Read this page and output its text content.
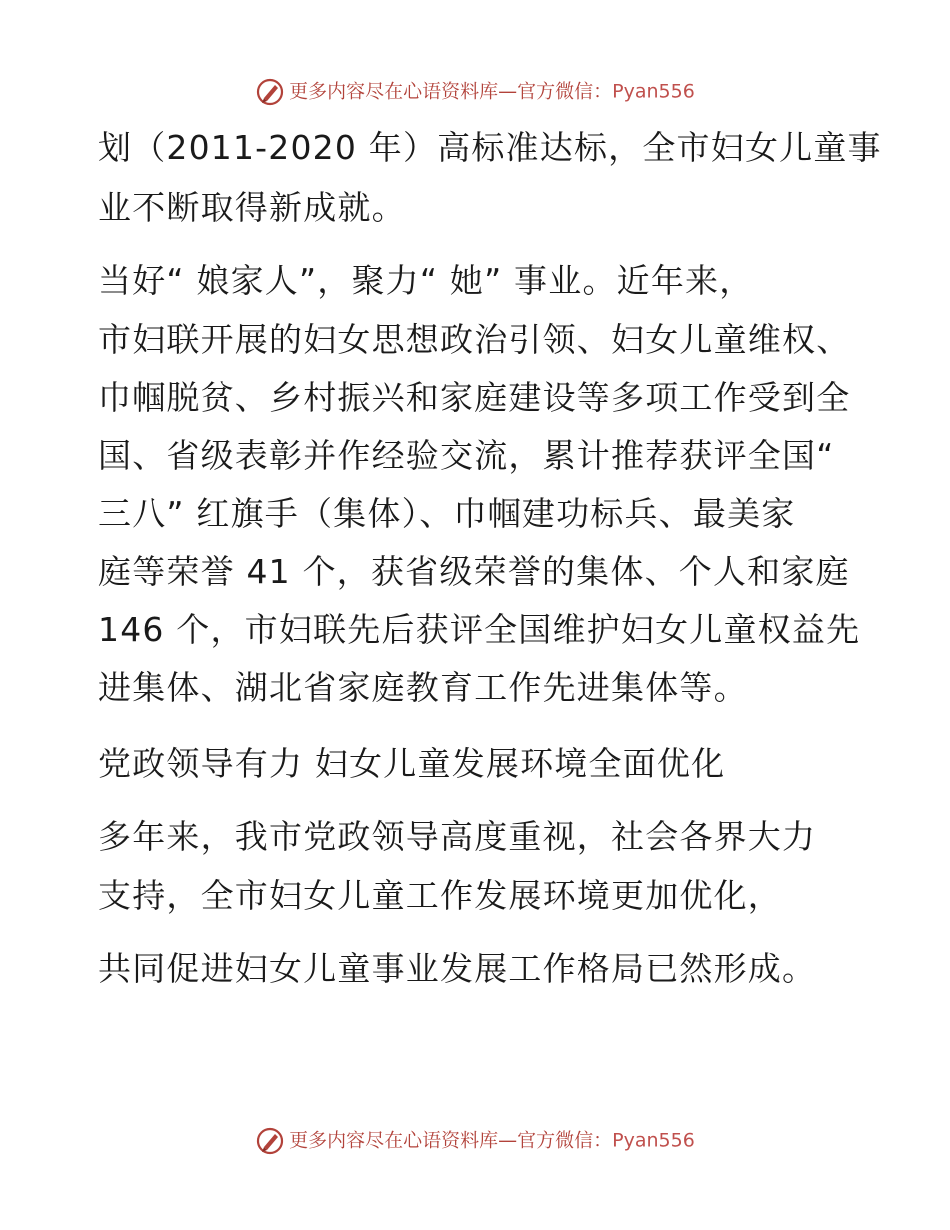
更多内容尽在心语资料库—官方微信：Pyan556
划（2011-2020 年）高标准达标，全市妇女儿童事
业不断取得新成就。
当好“ 娘家人”，聚力“ 她” 事业。近年来，
市妇联开展的妇女思想政治引领、妇女儿童维权、
巾帼脱贫、乡村振兴和家庭建设等多项工作受到全
国、省级表彰并作经验交流，累计推荐获评全国“
三八” 红旗手（集体）、巾帼建功标兵、最美家
庭等荣誉 41 个，获省级荣誉的集体、个人和家庭
146 个，市妇联先后获评全国维护妇女儿童权益先
进集体、湖北省家庭教育工作先进集体等。
党政领导有力 妇女儿童发展环境全面优化
多年来，我市党政领导高度重视，社会各界大力
支持，全市妇女儿童工作发展环境更加优化，
共同促进妇女儿童事业发展工作格局已然形成。
更多内容尽在心语资料库—官方微信：Pyan556
